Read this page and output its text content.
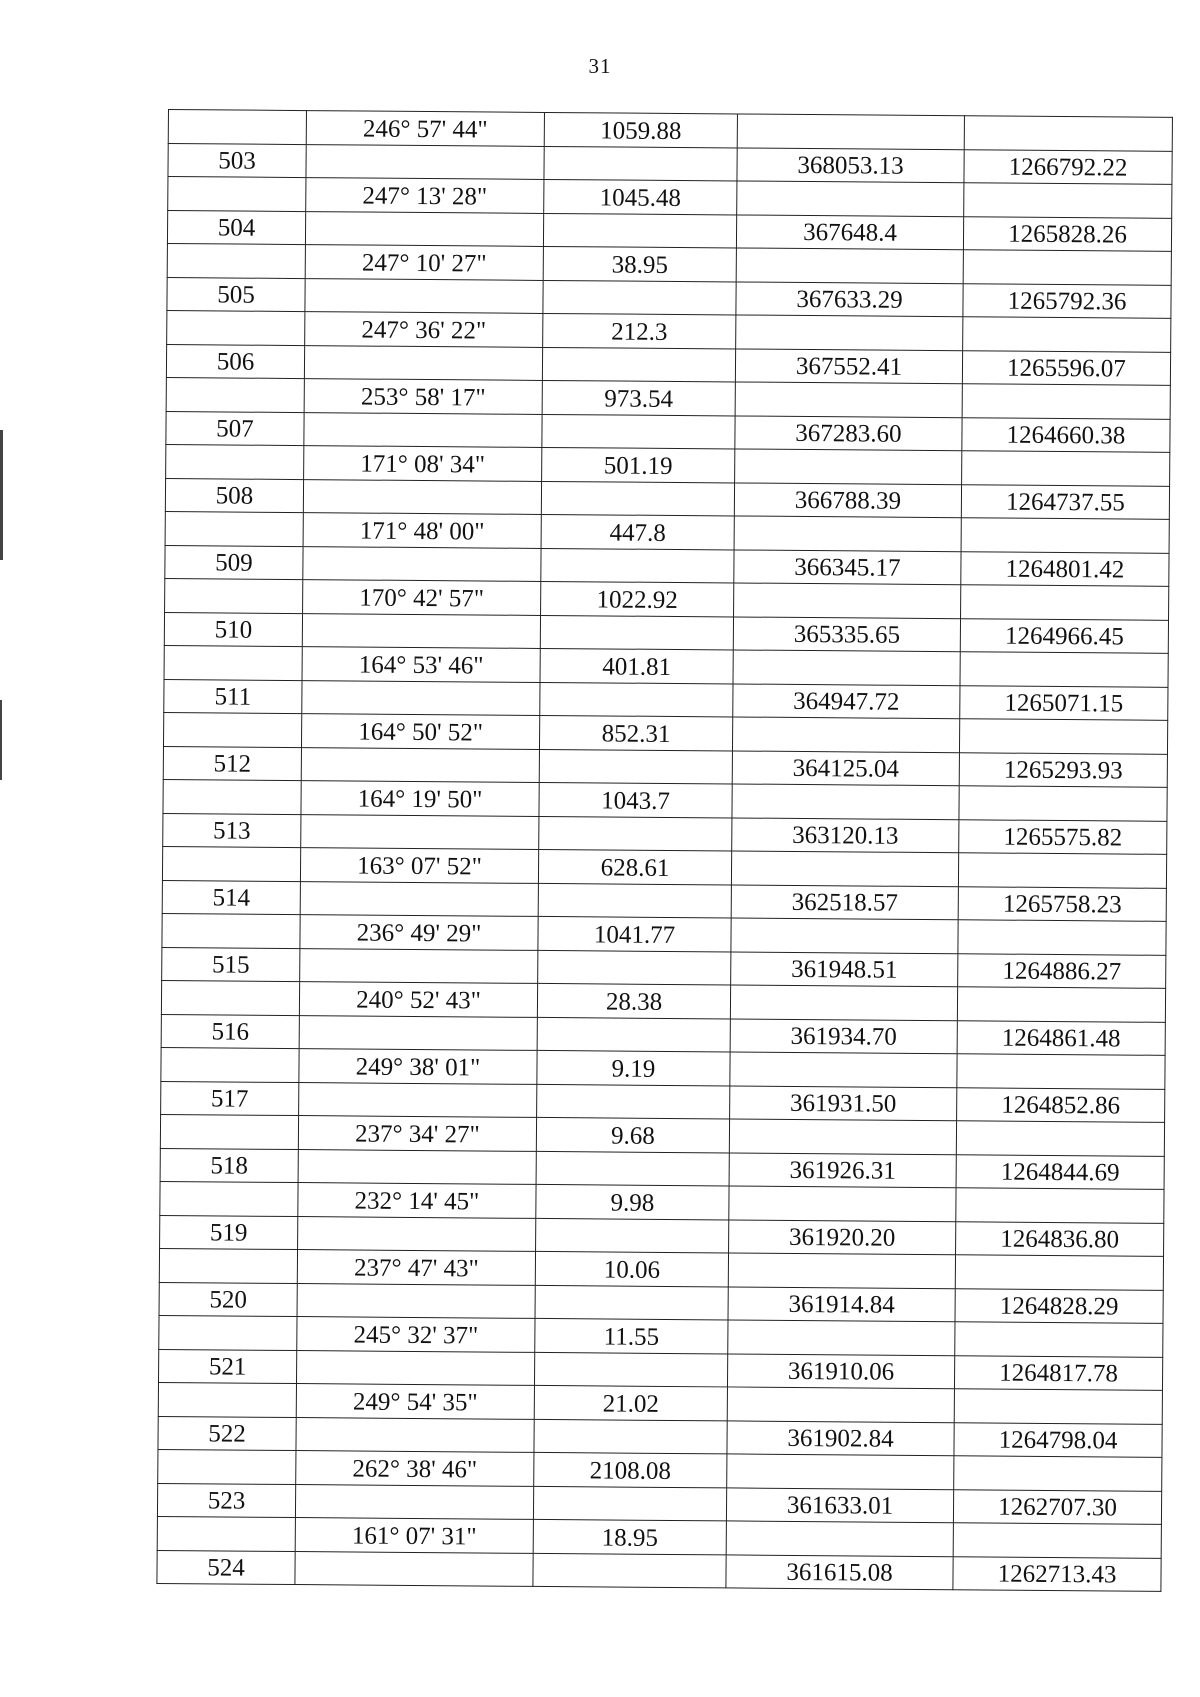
31
	246° 57' 44"	1059.88		
503			368053.13	1266792.22
	247° 13' 28"	1045.48		
504			367648.4	1265828.26
	247° 10' 27"	38.95		
505			367633.29	1265792.36
	247° 36' 22"	212.3		
506			367552.41	1265596.07
	253° 58' 17"	973.54		
507			367283.60	1264660.38
	171° 08' 34"	501.19		
508			366788.39	1264737.55
	171° 48' 00"	447.8		
509			366345.17	1264801.42
	170° 42' 57"	1022.92		
510			365335.65	1264966.45
	164° 53' 46"	401.81		
511			364947.72	1265071.15
	164° 50' 52"	852.31		
512			364125.04	1265293.93
	164° 19' 50"	1043.7		
513			363120.13	1265575.82
	163° 07' 52"	628.61		
514			362518.57	1265758.23
	236° 49' 29"	1041.77		
515			361948.51	1264886.27
	240° 52' 43"	28.38		
516			361934.70	1264861.48
	249° 38' 01"	9.19		
517			361931.50	1264852.86
	237° 34' 27"	9.68		
518			361926.31	1264844.69
	232° 14' 45"	9.98		
519			361920.20	1264836.80
	237° 47' 43"	10.06		
520			361914.84	1264828.29
	245° 32' 37"	11.55		
521			361910.06	1264817.78
	249° 54' 35"	21.02		
522			361902.84	1264798.04
	262° 38' 46"	2108.08		
523			361633.01	1262707.30
	161° 07' 31"	18.95		
524			361615.08	1262713.43
